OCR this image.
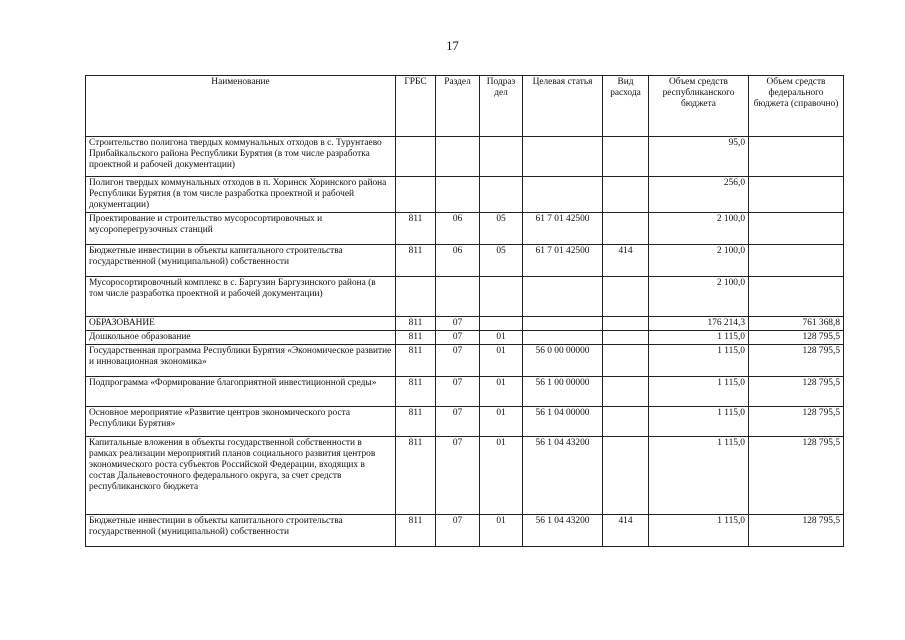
17
Наименование	ГРБС	Раздел	Подраз дел	Целевая статья	Вид расхода	Объем средств республиканского бюджета	Объем средств федерального бюджета (справочно)
Строительство полигона твердых коммунальных отходов в с. Турунтаево Прибайкальского района Республики Бурятия (в том числе разработка проектной и рабочей документации)						95,0	
Полигон твердых коммунальных отходов в п. Хоринск Хоринского района Республики Бурятия (в том числе разработка проектной и рабочей документации)						256,0	
Проектирование и строительство мусоросортировочных и мусороперегрузочных станций	811	06	05	61 7 01 42500		2 100,0	
Бюджетные инвестиции в объекты капитального строительства государственной (муниципальной) собственности	811	06	05	61 7 01 42500	414	2 100,0	
Мусоросортировочный комплекс в с. Баргузин Баргузинского района (в том числе разработка проектной и рабочей документации)						2 100,0	
ОБРАЗОВАНИЕ	811	07				176 214,3	761 368,8
Дошкольное образование	811	07	01			1 115,0	128 795,5
Государственная программа Республики Бурятия «Экономическое развитие и инновационная экономика»	811	07	01	56 0 00 00000		1 115,0	128 795,5
Подпрограмма «Формирование благоприятной инвестиционной среды»	811	07	01	56 1 00 00000		1 115,0	128 795,5
Основное мероприятие «Развитие центров экономического роста Республики Бурятия»	811	07	01	56 1 04 00000		1 115,0	128 795,5
Капитальные вложения в объекты государственной собственности в рамках реализации мероприятий планов социального развития центров экономического роста субъектов Российской Федерации, входящих в состав Дальневосточного федерального округа, за счет средств республиканского бюджета	811	07	01	56 1 04 43200		1 115,0	128 795,5
Бюджетные инвестиции в объекты капитального строительства государственной (муниципальной) собственности	811	07	01	56 1 04 43200	414	1 115,0	128 795,5
